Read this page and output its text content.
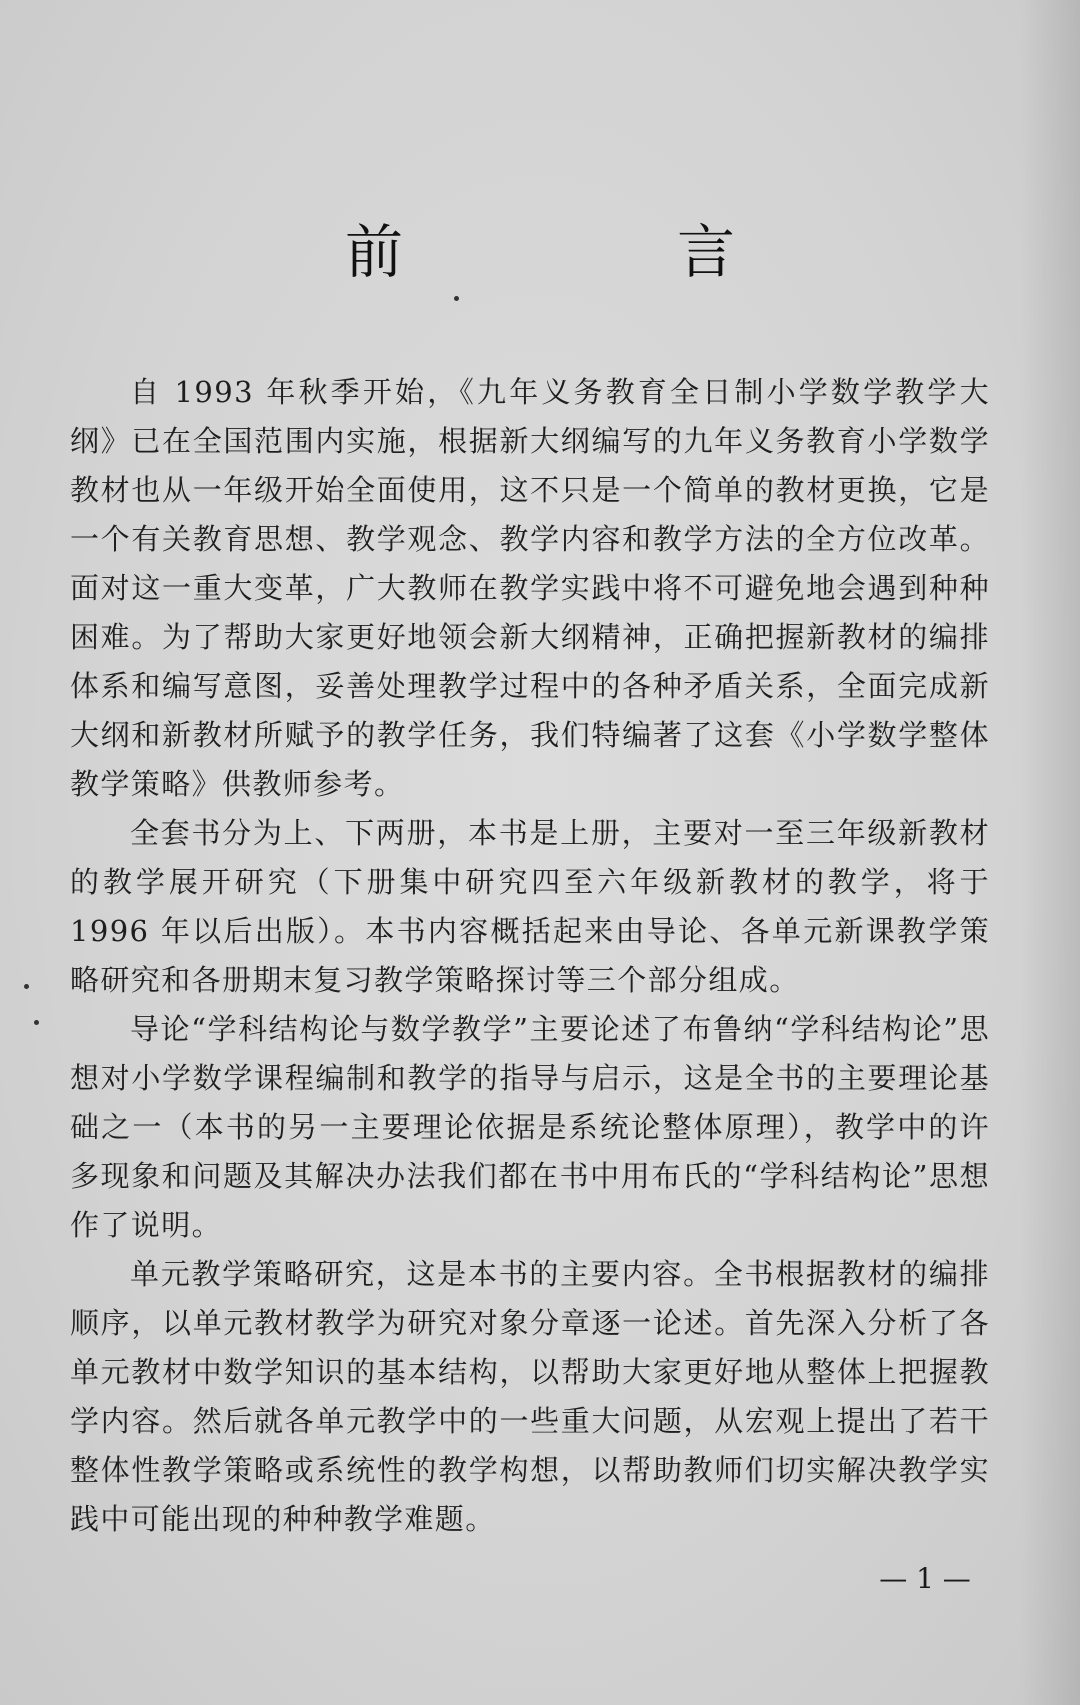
前　言

自 1993 年秋季开始，《九年义务教育全日制小学数学教学大纲》已在全国范围内实施，根据新大纲编写的九年义务教育小学数学教材也从一年级开始全面使用，这不只是一个简单的教材更换，它是一个有关教育思想、教学观念、教学内容和教学方法的全方位改革。面对这一重大变革，广大教师在教学实践中将不可避免地会遇到种种困难。为了帮助大家更好地领会新大纲精神，正确把握新教材的编排体系和编写意图，妥善处理教学过程中的各种矛盾关系，全面完成新大纲和新教材所赋予的教学任务，我们特编著了这套《小学数学整体教学策略》供教师参考。

全套书分为上、下两册，本书是上册，主要对一至三年级新教材的教学展开研究（下册集中研究四至六年级新教材的教学，将于 1996 年以后出版）。本书内容概括起来由导论、各单元新课教学策略研究和各册期末复习教学策略探讨等三个部分组成。

导论“学科结构论与数学教学”主要论述了布鲁纳“学科结构论”思想对小学数学课程编制和教学的指导与启示，这是全书的主要理论基础之一（本书的另一主要理论依据是系统论整体原理），教学中的许多现象和问题及其解决办法我们都在书中用布氏的“学科结构论”思想作了说明。

单元教学策略研究，这是本书的主要内容。全书根据教材的编排顺序，以单元教材教学为研究对象分章逐一论述。首先深入分析了各单元教材中数学知识的基本结构，以帮助大家更好地从整体上把握教学内容。然后就各单元教学中的一些重大问题，从宏观上提出了若干整体性教学策略或系统性的教学构想，以帮助教师们切实解决教学实践中可能出现的种种教学难题。

— 1 —
